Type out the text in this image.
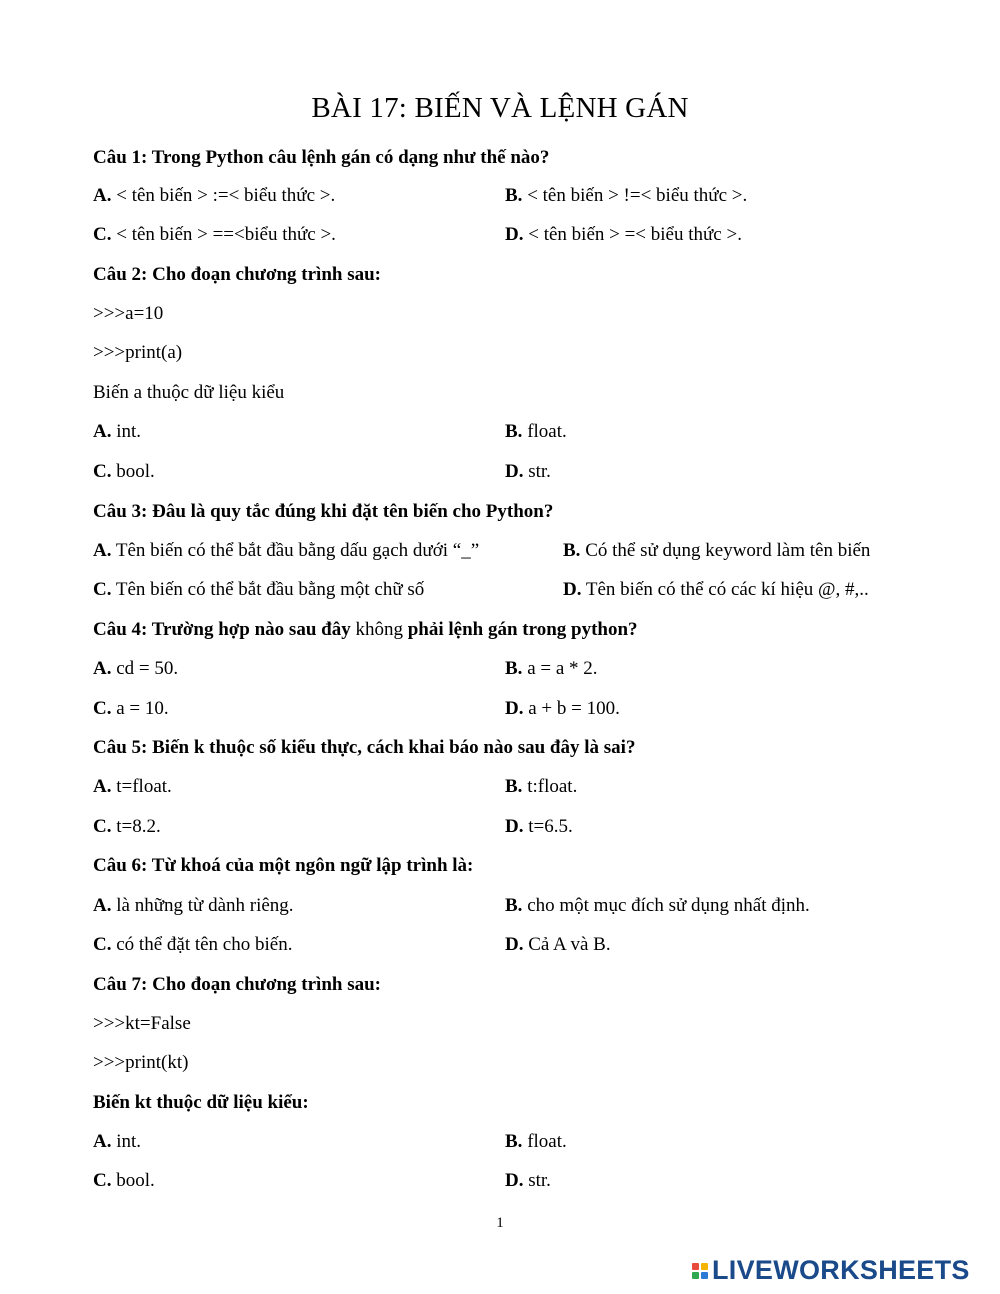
BÀI 17: BIẾN VÀ LỆNH GÁN
Câu 1: Trong Python câu lệnh gán có dạng như thế nào?
A. < tên biến > :=< biểu thức >.	B. < tên biến > !=< biểu thức >.
C. < tên biến > ==<biểu thức >.	D. < tên biến > =< biểu thức >.
Câu 2: Cho đoạn chương trình sau:
>>>a=10
>>>print(a)
Biến a thuộc dữ liệu kiểu
A. int.	B. float.
C. bool.	D. str.
Câu 3: Đâu là quy tắc đúng khi đặt tên biến cho Python?
A. Tên biến có thể bắt đầu bằng dấu gạch dưới “_”	B. Có thể sử dụng keyword làm tên biến
C. Tên biến có thể bắt đầu bằng một chữ số	D. Tên biến có thể có các kí hiệu @, #,..
Câu 4: Trường hợp nào sau đây không phải lệnh gán trong python?
A. cd = 50.	B. a = a * 2.
C. a = 10.	D. a + b = 100.
Câu 5: Biến k thuộc số kiểu thực, cách khai báo nào sau đây là sai?
A. t=float.	B. t:float.
C. t=8.2.	D. t=6.5.
Câu 6: Từ khoá của một ngôn ngữ lập trình là:
A. là những từ dành riêng.	B. cho một mục đích sử dụng nhất định.
C. có thể đặt tên cho biến.	D. Cả A và B.
Câu 7: Cho đoạn chương trình sau:
>>>kt=False
>>>print(kt)
Biến kt thuộc dữ liệu kiểu:
A. int.	B. float.
C. bool.	D. str.
1
LIVEWORKSHEETS
